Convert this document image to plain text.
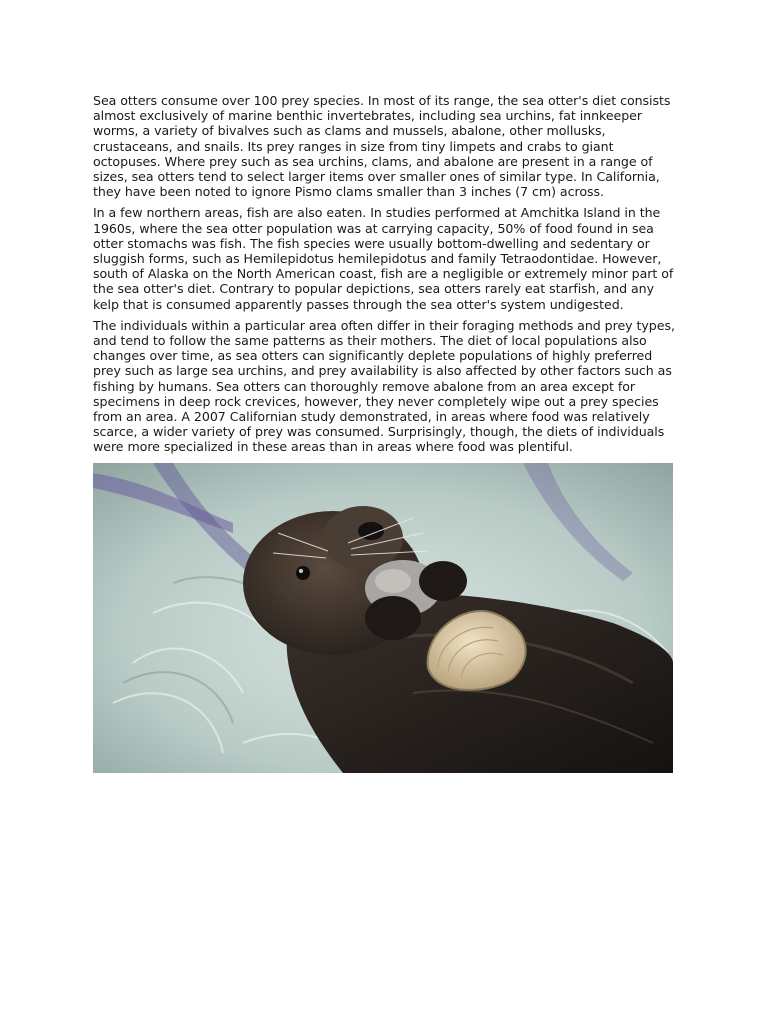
Sea otters consume over 100 prey species. In most of its range, the sea otter's diet consists almost exclusively of marine benthic invertebrates, including sea urchins, fat innkeeper worms, a variety of bivalves such as clams and mussels, abalone, other mollusks, crustaceans, and snails. Its prey ranges in size from tiny limpets and crabs to giant octopuses. Where prey such as sea urchins, clams, and abalone are present in a range of sizes, sea otters tend to select larger items over smaller ones of similar type. In California, they have been noted to ignore Pismo clams smaller than 3 inches (7 cm) across.

In a few northern areas, fish are also eaten. In studies performed at Amchitka Island in the 1960s, where the sea otter population was at carrying capacity, 50% of food found in sea otter stomachs was fish. The fish species were usually bottom-dwelling and sedentary or sluggish forms, such as Hemilepidotus hemilepidotus and family Tetraodontidae. However, south of Alaska on the North American coast, fish are a negligible or extremely minor part of the sea otter's diet. Contrary to popular depictions, sea otters rarely eat starfish, and any kelp that is consumed apparently passes through the sea otter's system undigested.

The individuals within a particular area often differ in their foraging methods and prey types, and tend to follow the same patterns as their mothers. The diet of local populations also changes over time, as sea otters can significantly deplete populations of highly preferred prey such as large sea urchins, and prey availability is also affected by other factors such as fishing by humans. Sea otters can thoroughly remove abalone from an area except for specimens in deep rock crevices, however, they never completely wipe out a prey species from an area. A 2007 Californian study demonstrated, in areas where food was relatively scarce, a wider variety of prey was consumed. Surprisingly, though, the diets of individuals were more specialized in these areas than in areas where food was plentiful.
